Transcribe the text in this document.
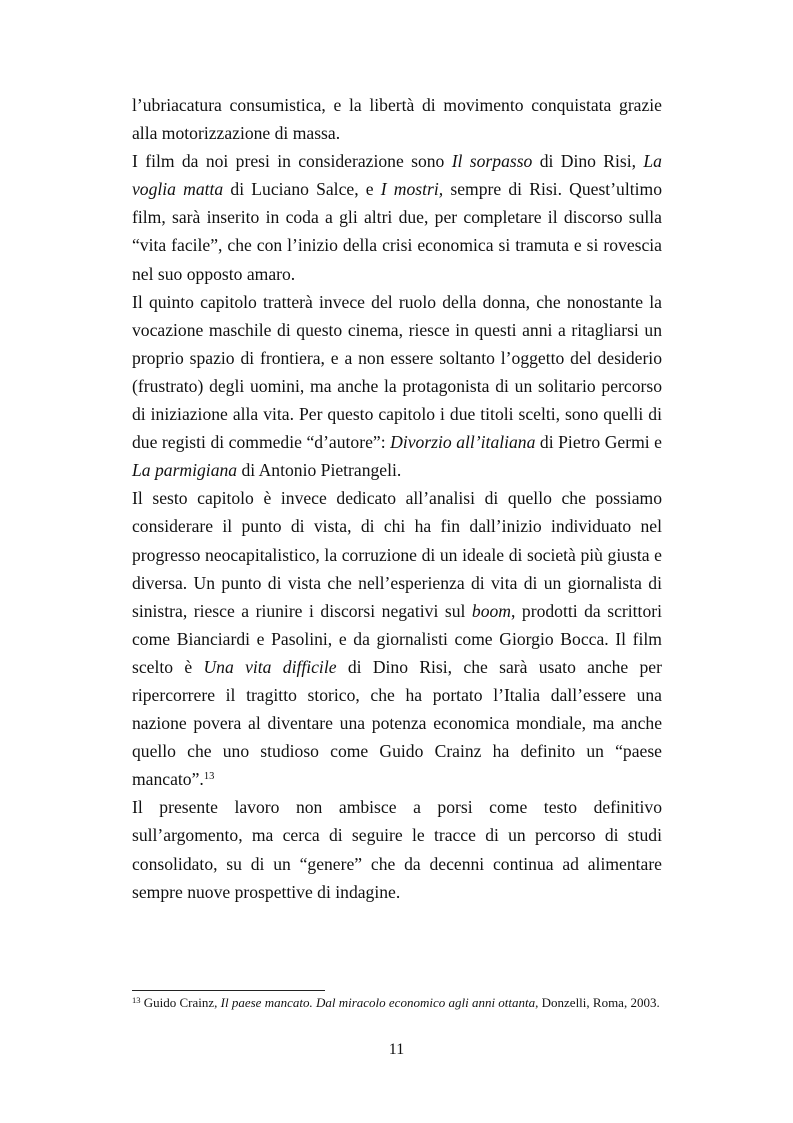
l’ubriacatura consumistica, e la libertà di movimento conquistata grazie alla motorizzazione di massa.

I film da noi presi in considerazione sono Il sorpasso di Dino Risi, La voglia matta di Luciano Salce, e I mostri, sempre di Risi. Quest’ultimo film, sarà inserito in coda a gli altri due, per completare il discorso sulla “vita facile”, che con l’inizio della crisi economica si tramuta e si rovescia nel suo opposto amaro.

Il quinto capitolo tratterà invece del ruolo della donna, che nonostante la vocazione maschile di questo cinema, riesce in questi anni a ritagliarsi un proprio spazio di frontiera, e a non essere soltanto l’oggetto del desiderio (frustrato) degli uomini, ma anche la protagonista di un solitario percorso di iniziazione alla vita. Per questo capitolo i due titoli scelti, sono quelli di due registi di commedie “d’autore”: Divorzio all’italiana di Pietro Germi e La parmigiana di Antonio Pietrangeli.

Il sesto capitolo è invece dedicato all’analisi di quello che possiamo considerare il punto di vista, di chi ha fin dall’inizio individuato nel progresso neocapitalistico, la corruzione di un ideale di società più giusta e diversa. Un punto di vista che nell’esperienza di vita di un giornalista di sinistra, riesce a riunire i discorsi negativi sul boom, prodotti da scrittori come Bianciardi e Pasolini, e da giornalisti come Giorgio Bocca. Il film scelto è Una vita difficile di Dino Risi, che sarà usato anche per ripercorrere il tragitto storico, che ha portato l’Italia dall’essere una nazione povera al diventare una potenza economica mondiale, ma anche quello che uno studioso come Guido Crainz ha definito un “paese mancato”.$^{13}$

Il presente lavoro non ambisce a porsi come testo definitivo sull’argomento, ma cerca di seguire le tracce di un percorso di studi consolidato, su di un “genere” che da decenni continua ad alimentare sempre nuove prospettive di indagine.

$^{13}$ Guido Crainz, Il paese mancato. Dal miracolo economico agli anni ottanta, Donzelli, Roma, 2003.
11
